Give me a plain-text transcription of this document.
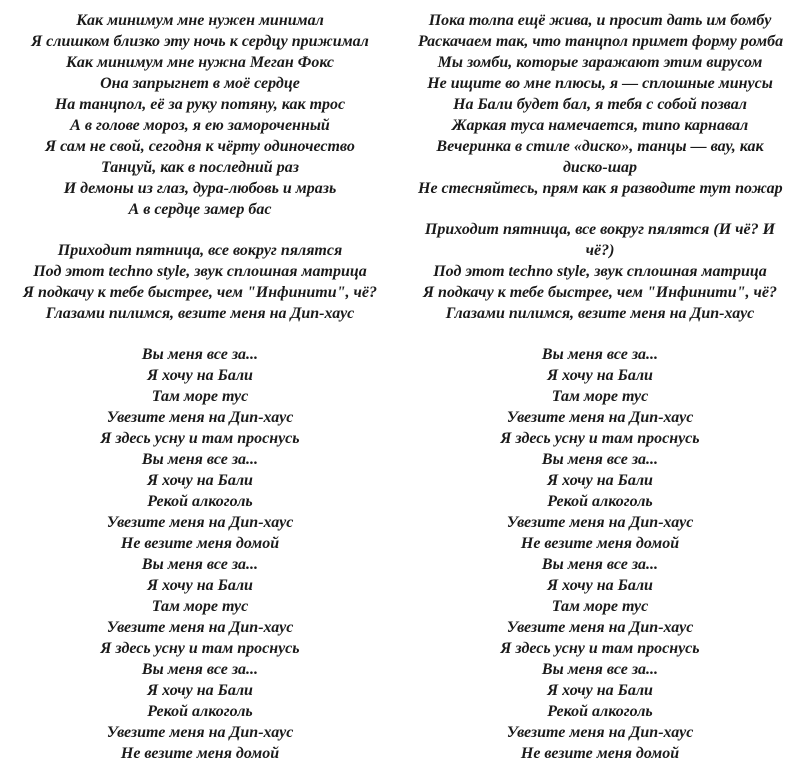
Как минимум мне нужен минимал
Я слишком близко эту ночь к сердцу прижимал
Как минимум мне нужна Меган Фокс
Она запрыгнет в моё сердце
На танцпол, её за руку потяну, как трос
А в голове мороз, я ею замороченный
Я сам не свой, сегодня к чёрту одиночество
Танцуй, как в последний раз
И демоны из глаз, дура-любовь и мразь
А в сердце замер бас
Приходит пятница, все вокруг пялятся
Под этот techno style, звук сплошная матрица
Я подкачу к тебе быстрее, чем "Инфинити", чё?
Глазами пилимся, везите меня на Дип-хаус
Вы меня все за...
Я хочу на Бали
Там море тус
Увезите меня на Дип-хаус
Я здесь усну и там проснусь
Вы меня все за...
Я хочу на Бали
Рекой алкоголь
Увезите меня на Дип-хаус
Не везите меня домой
Вы меня все за...
Я хочу на Бали
Там море тус
Увезите меня на Дип-хаус
Я здесь усну и там проснусь
Вы меня все за...
Я хочу на Бали
Рекой алкоголь
Увезите меня на Дип-хаус
Не везите меня домой
Пока толпа ещё жива, и просит дать им бомбу
Раскачаем так, что танцпол примет форму ромба
Мы зомби, которые заражают этим вирусом
Не ищите во мне плюсы, я — сплошные минусы
На Бали будет бал, я тебя с собой позвал
Жаркая туса намечается, типо карнавал
Вечеринка в стиле «диско», танцы — вау, как
диско-шар
Не стесняйтесь, прям как я разводите тут пожар
Приходит пятница, все вокруг пялятся (И чё? И
чё?)
Под этот techno style, звук сплошная матрица
Я подкачу к тебе быстрее, чем "Инфинити", чё?
Глазами пилимся, везите меня на Дип-хаус
Вы меня все за...
Я хочу на Бали
Там море тус
Увезите меня на Дип-хаус
Я здесь усну и там проснусь
Вы меня все за...
Я хочу на Бали
Рекой алкоголь
Увезите меня на Дип-хаус
Не везите меня домой
Вы меня все за...
Я хочу на Бали
Там море тус
Увезите меня на Дип-хаус
Я здесь усну и там проснусь
Вы меня все за...
Я хочу на Бали
Рекой алкоголь
Увезите меня на Дип-хаус
Не везите меня домой
